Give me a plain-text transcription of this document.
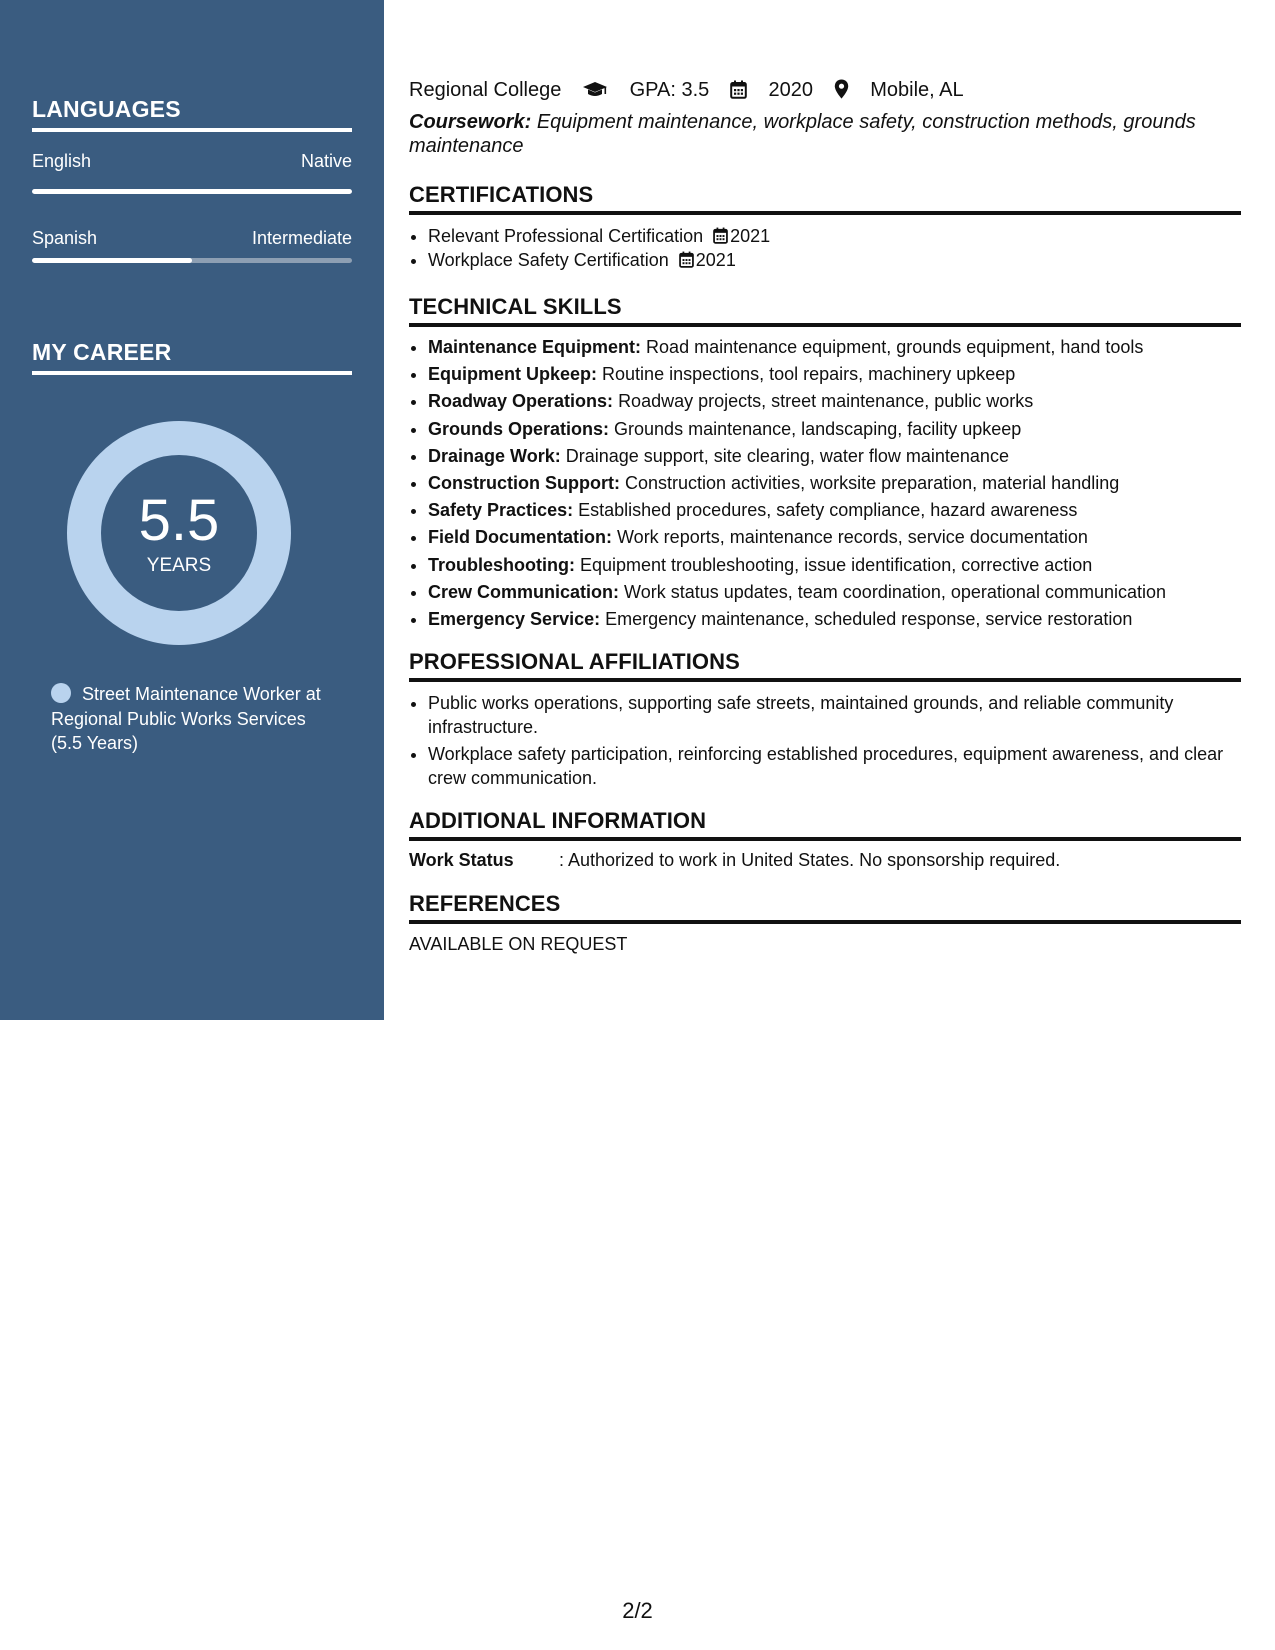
LANGUAGES
English	Native
Spanish	Intermediate
MY CAREER
5.5
YEARS
Street Maintenance Worker at Regional Public Works Services (5.5 Years)
Regional College	GPA: 3.5	2020	Mobile, AL
Coursework: Equipment maintenance, workplace safety, construction methods, grounds maintenance
CERTIFICATIONS
• Relevant Professional Certification 2021
• Workplace Safety Certification 2021
TECHNICAL SKILLS
• Maintenance Equipment: Road maintenance equipment, grounds equipment, hand tools
• Equipment Upkeep: Routine inspections, tool repairs, machinery upkeep
• Roadway Operations: Roadway projects, street maintenance, public works
• Grounds Operations: Grounds maintenance, landscaping, facility upkeep
• Drainage Work: Drainage support, site clearing, water flow maintenance
• Construction Support: Construction activities, worksite preparation, material handling
• Safety Practices: Established procedures, safety compliance, hazard awareness
• Field Documentation: Work reports, maintenance records, service documentation
• Troubleshooting: Equipment troubleshooting, issue identification, corrective action
• Crew Communication: Work status updates, team coordination, operational communication
• Emergency Service: Emergency maintenance, scheduled response, service restoration
PROFESSIONAL AFFILIATIONS
• Public works operations, supporting safe streets, maintained grounds, and reliable community infrastructure.
• Workplace safety participation, reinforcing established procedures, equipment awareness, and clear crew communication.
ADDITIONAL INFORMATION
Work Status	: Authorized to work in United States. No sponsorship required.
REFERENCES
AVAILABLE ON REQUEST
2/2
